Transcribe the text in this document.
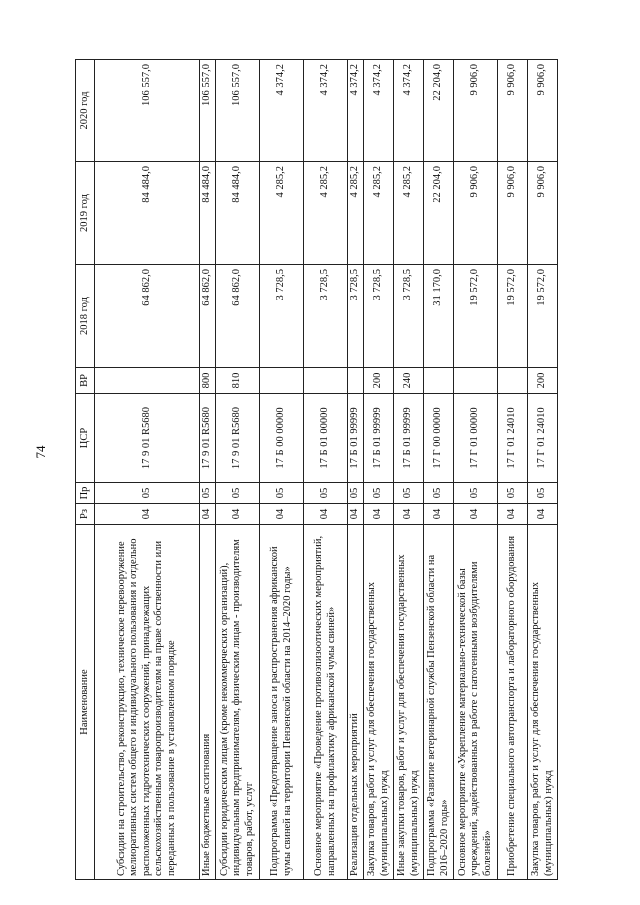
74
Наименование	Рз	Пр	ЦСР	ВР	2018 год	2019 год	2020 год
Субсидии на строительство, реконструкцию, техническое перевооружение мелиоративных систем общего и индивидуального пользования и отдельно расположенных гидротехнических сооружений, принадлежащих сельскохозяйственным товаропроизводителям на праве собственности или переданных в пользование в установленном порядке	04	05	17 9 01 R5680		64 862,0	84 484,0	106 557,0
Иные бюджетные ассигнования	04	05	17 9 01 R5680	800	64 862,0	84 484,0	106 557,0
Субсидии юридическим лицам (кроме некоммерческих организаций), индивидуальным предпринимателям, физическим лицам - производителям товаров, работ, услуг	04	05	17 9 01 R5680	810	64 862,0	84 484,0	106 557,0
Подпрограмма «Предотвращение заноса и распространения африканской чумы свиней на территории Пензенской области на 2014–2020 годы»	04	05	17 Б 00 00000		3 728,5	4 285,2	4 374,2
Основное мероприятие «Проведение противоэпизоотических мероприятий, направленных на профилактику африканской чумы свиней»	04	05	17 Б 01 00000		3 728,5	4 285,2	4 374,2
Реализация отдельных мероприятий	04	05	17 Б 01 99999		3 728,5	4 285,2	4 374,2
Закупка товаров, работ и услуг для обеспечения государственных (муниципальных) нужд	04	05	17 Б 01 99999	200	3 728,5	4 285,2	4 374,2
Иные закупки товаров, работ и услуг для обеспечения государственных (муниципальных) нужд	04	05	17 Б 01 99999	240	3 728,5	4 285,2	4 374,2
Подпрограмма «Развитие ветеринарной службы Пензенской области на 2016–2020 годы»	04	05	17 Г 00 00000		31 170,0	22 204,0	22 204,0
Основное мероприятие «Укрепление материально-технической базы учреждений, задействованных в работе с патогенными возбудителями болезней»	04	05	17 Г 01 00000		19 572,0	9 906,0	9 906,0
Приобретение специального автотранспорта и лабораторного оборудования	04	05	17 Г 01 24010		19 572,0	9 906,0	9 906,0
Закупка товаров, работ и услуг для обеспечения государственных (муниципальных) нужд	04	05	17 Г 01 24010	200	19 572,0	9 906,0	9 906,0
